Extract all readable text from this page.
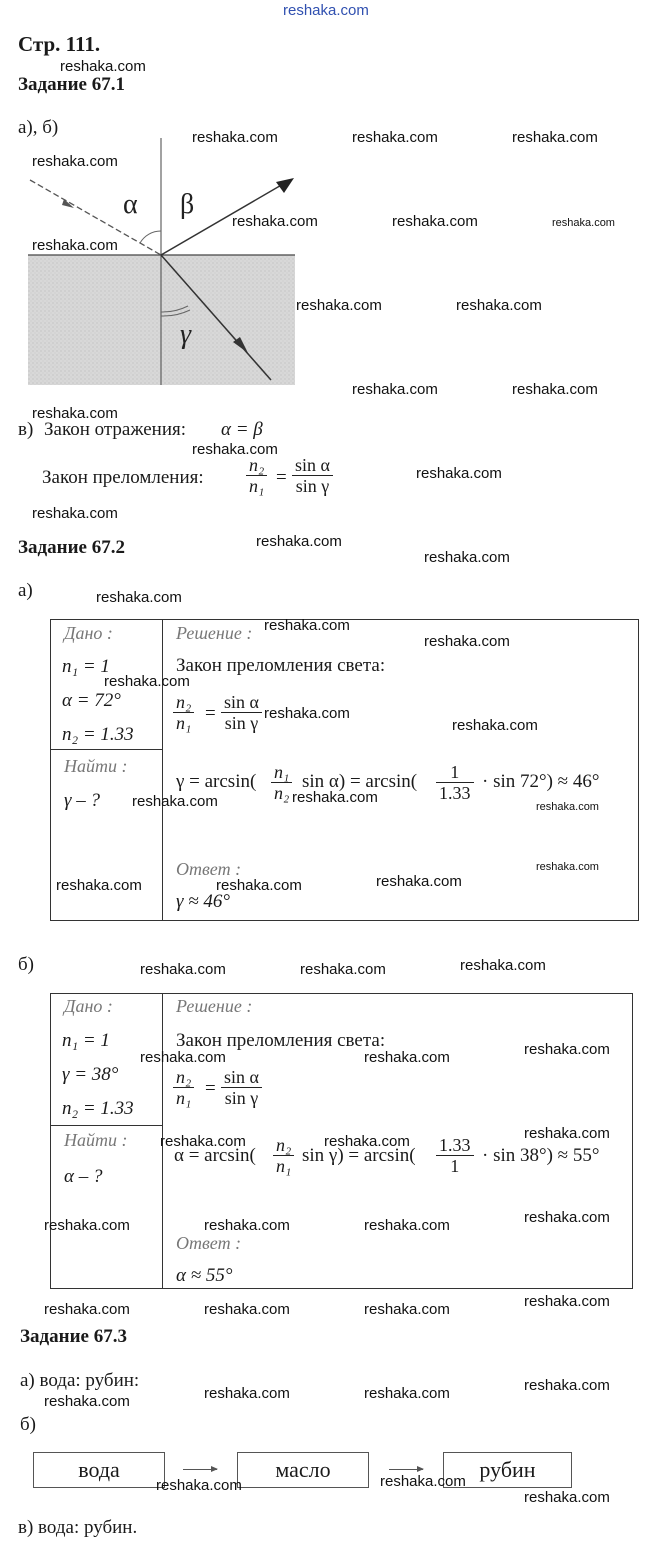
reshaka.com
Стр. 111.
Задание 67.1
а), б)
α β
γ
в) Закон отражения: α = β
Закон преломления:
n₂
n₁ =
sin α
sin γ
Задание 67.2
а)
Дано :
n₁ = 1
α = 72°
n₂ = 1.33
Найти :
γ – ?
Решение :
Закон преломления света:
n₂
n₁ =
sin α
sin γ
γ = arcsin( n₁
n₂
sin α) = arcsin( 1
1.33
· sin 72°) ≈ 46°
Ответ :
γ ≈ 46°
б)
Дано :
n₁ = 1
γ = 38°
n₂ = 1.33
Найти :
α – ?
Решение :
Закон преломления света:
n₂
n₁ =
sin α
sin γ
α = arcsin( n₂
n₁ sin γ) = arcsin( 1.33
1 · sin 38°) ≈ 55°
Ответ :
α ≈ 55°
Задание 67.3
а) вода: рубин:
б)
вода	масло	рубин
в) вода: рубин.
reshaka.com
reshaka.com	reshaka.com	reshaka.com
reshaka.com
reshaka.com	reshaka.com	reshaka.com
reshaka.com
reshaka.com	reshaka.com
reshaka.com	reshaka.com
reshaka.com
reshaka.com
reshaka.com
reshaka.com
reshaka.com
reshaka.com
reshaka.com
reshaka.com
reshaka.com
reshaka.com
reshaka.com
reshaka.com
reshaka.com	reshaka.com
reshaka.com
reshaka.com
reshaka.com	reshaka.com	reshaka.com
reshaka.com	reshaka.com	reshaka.com
reshaka.com	reshaka.com	reshaka.com
reshaka.com	reshaka.com	reshaka.com
reshaka.com	reshaka.com	reshaka.com	reshaka.com
reshaka.com	reshaka.com	reshaka.com	reshaka.com
reshaka.com	reshaka.com	reshaka.com
reshaka.com
reshaka.com	reshaka.com
reshaka.com
